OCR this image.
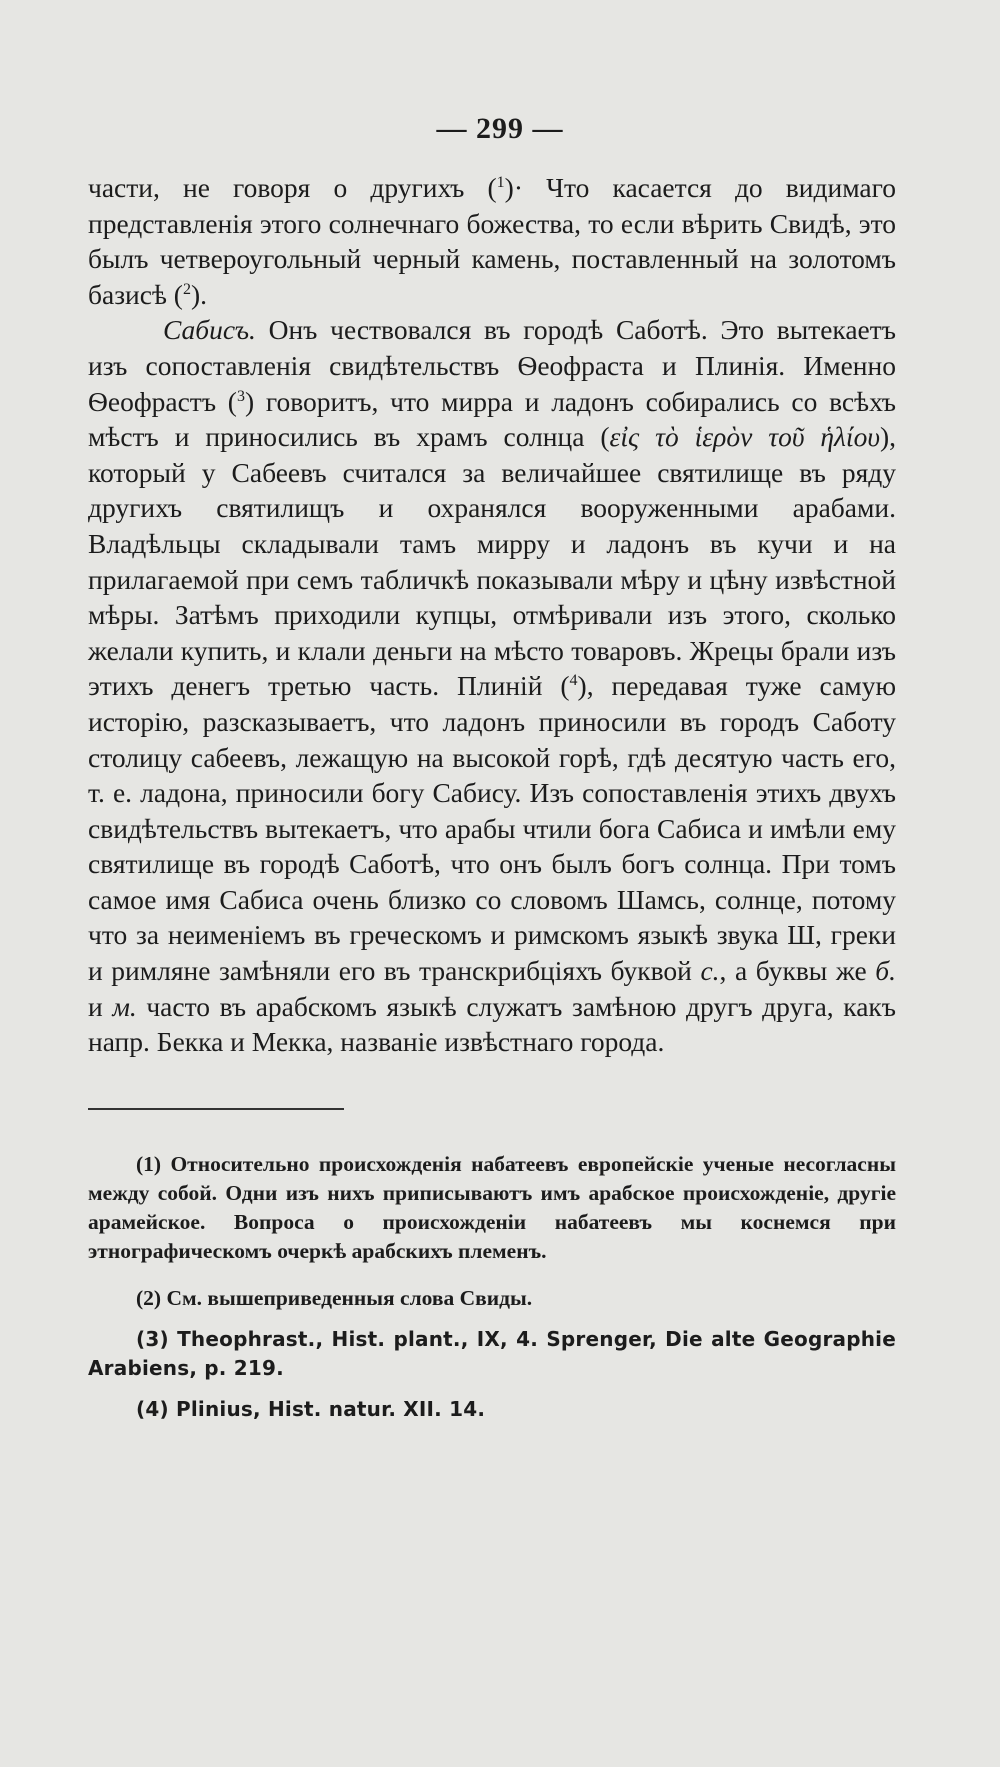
— 299 —

части, не говоря о другихъ ($^1$)· Что касается до видимаго представленія этого солнечнаго божества, то если вѣрить Свидѣ, это былъ четвероугольный черный камень, поставленный на золотомъ базисѣ ($^2$).

Сабисъ. Онъ чествовался въ городѣ Саботѣ. Это вытекаетъ изъ сопоставленія свидѣтельствъ Ѳеофраста и Плинія. Именно Ѳеофрастъ ($^3$) говоритъ, что мирра и ладонъ собирались со всѣхъ мѣстъ и приносились въ храмъ солнца (εἰς τὸ ἱερὸν τοῦ ἡλίου), который у Сабеевъ считался за величайшее святилище въ ряду другихъ святилищъ и охранялся вооруженными арабами. Владѣльцы складывали тамъ мирру и ладонъ въ кучи и на прилагаемой при семъ табличкѣ показывали мѣру и цѣну извѣстной мѣры. Затѣмъ приходили купцы, отмѣривали изъ этого, сколько желали купить, и клали деньги на мѣсто товаровъ. Жрецы брали изъ этихъ денегъ третью часть. Плиній ($^4$), передавая туже самую исторію, разсказываетъ, что ладонъ приносили въ городъ Саботу столицу сабеевъ, лежащую на высокой горѣ, гдѣ десятую часть его, т. е. ладона, приносили богу Сабису. Изъ сопоставленія этихъ двухъ свидѣтельствъ вытекаетъ, что арабы чтили бога Сабиса и имѣли ему святилище въ городѣ Саботѣ, что онъ былъ богъ солнца. При томъ самое имя Сабиса очень близко со словомъ Шамсь, солнце, потому что за неименіемъ въ греческомъ и римскомъ языкѣ звука Ш, греки и римляне замѣняли его въ транскрибціяхъ буквой с., а буквы же б. и м. часто въ арабскомъ языкѣ служатъ замѣною другъ друга, какъ напр. Бекка и Мекка, названіе извѣстнаго города.

(1) Относительно происхожденія набатеевъ европейскіе ученые несогласны между собой. Одни изъ нихъ приписываютъ имъ арабское происхожденіе, другіе арамейское. Вопроса о происхожденіи набатеевъ мы коснемся при этнографическомъ очеркѣ арабскихъ племенъ.

(2) См. вышеприведенныя слова Свиды.

(3) Theophrast., Hist. plant., IX, 4. Sprenger, Die alte Geographie Arabiens, p. 219.

(4) Plinius, Hist. natur. XII. 14.
